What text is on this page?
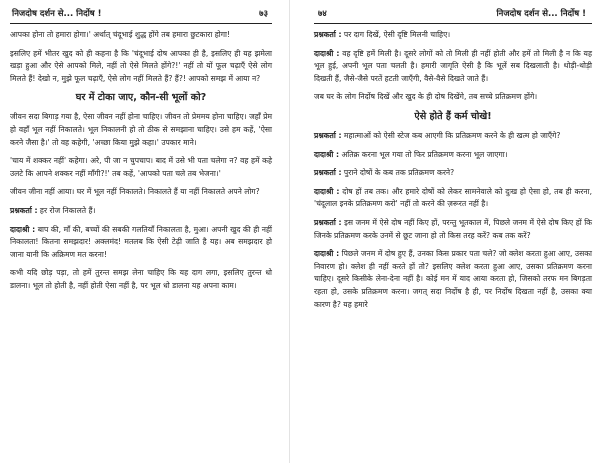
निजदोष दर्शन से... निर्दोष !	७३

आपका होना तो हमारा होगा।' अर्थात् चंदूभाई शुद्ध होंगे तब हमारा छुटकारा होगा!

इसलिए हमें भीतर खुद को ही कहना है कि 'चंदूभाई दोष आपका ही है, इसलिए ही यह झमेला खड़ा हुआ और ऐसे आपको मिले, नहीं तो ऐसे मिलते होंगे?!' नहीं तो यों फूल चढ़ाएँ ऐसे लोग मिलते हैं! देखो न, मुझे फूल चढ़ाएँ, ऐसे लोग नहीं मिलते हैं? हैं?! आपको समझ में आया न?

घर में टोका जाए, कौन-सी भूलों को?

जीवन सदा बिगाड़ गया है, ऐसा जीवन नहीं होना चाहिए। जीवन तो प्रेममय होना चाहिए। जहाँ प्रेम हो वहाँ भूल नहीं निकालते। भूल निकालनी हो तो ठीक से समझाना चाहिए। उसे हम कहें, 'ऐसा करने जैसा है।' तो वह कहेगी, 'अच्छा किया मुझे कहा।' उपकार माने।

'चाय में शक्कर नहीं' कहेगा। अरे, पी जा न चुपचाप। बाद में उसे भी पता चलेगा न? वह हमें कहे उलटे कि आपने शक्कर नहीं माँगी?!' तब कहें, 'आपको पता चले तब भेजना।'

जीवन जीना नहीं आया। घर में भूल नहीं निकालते। निकालते हैं या नहीं निकालते अपने लोग?

प्रश्नकर्ता : हर रोज निकालते हैं।

दादाश्री : बाप की, माँ की, बच्चों की सबकी गलतियाँ निकालता है, मुआ। अपनी खुद की ही नहीं निकालता! कितना समझदार! अक्लमंद! मतलब कि ऐसी टेढ़ी जाति है यह। अब समझदार हो जाना यानी कि अक्रिमण मत करना!

कभी यदि छोड़ पड़ा, तो हमें तुरन्त समझ लेना चाहिए कि यह दाग लगा, इसलिए तुरन्त धो डालना। भूल तो होती है, नहीं होती ऐसा नहीं है, पर भूल धो डालना यह अपना काम।

७४	निजदोष दर्शन से... निर्दोष !

प्रश्नकर्ता : पर दाग दिखें, ऐसी दृष्टि मिलनी चाहिए।

दादाश्री : वह दृष्टि हमें मिली है। दूसरे लोगों को तो मिली ही नहीं होती और हमें तो मिली है न कि यह भूल हुई, अपनी भूल पता चलती है। हमारी जागृति ऐसी है कि भूलें सब दिखलाती है। थोड़ी-थोड़ी दिखती हैं, जैसे-जैसे परतें हटती जाएँगी, वैसे-वैसे दिखते जाते हैं।

जब घर के लोग निर्दोष दिखें और खुद के ही दोष दिखेंगे, तब सच्चे प्रतिक्रमण होंगे।

ऐसे होते हैं कर्म चोखे!

प्रश्नकर्ता : महात्माओं को ऐसी स्टेज कब आएगी कि प्रतिक्रमण करने के ही खत्म हो जाएँगे?

दादाश्री : अतिक्र करना भूल गया तो फिर प्रतिक्रमण करना भूल जाएगा।

प्रश्नकर्ता : पुराने दोषों के कब तक प्रतिक्रमण करने?

दादाश्री : दोष हों तब तक। और हमारे दोषों को लेकर सामनेवाले को दुःख हो ऐसा हो, तब ही करना, 'चंदूलाल इनके प्रतिक्रमण करो' नहीं तो करने की ज़रूरत नहीं है।

प्रश्नकर्ता : इस जनम में ऐसे दोष नहीं किए हों, परन्तु भूतकाल में, पिछले जनम में ऐसे दोष किए हों कि जिनके प्रतिक्रमण करके उनमें से छूट जाना हो तो किस तरह करें? कब तक करें?

दादाश्री : पिछले जनम में दोष हुए हैं, उनका किस प्रकार पता चले? जो क्लेश करता हुआ आए, उसका निवारण हो। क्लेश ही नहीं करते हों तो? इसलिए क्लेश करता हुआ आए, उसका प्रतिक्रमण करना चाहिए। दूसरे किसीके लेना-देना नहीं है। कोई मन में याद आया करता हो, जिसको तरफ मन बिगड़ता रहता हो, उसके प्रतिक्रमण करना। जगत् सदा निर्दोष है ही, पर निर्दोष दिखता नहीं है, उसका क्या कारण है? यह हमारे
